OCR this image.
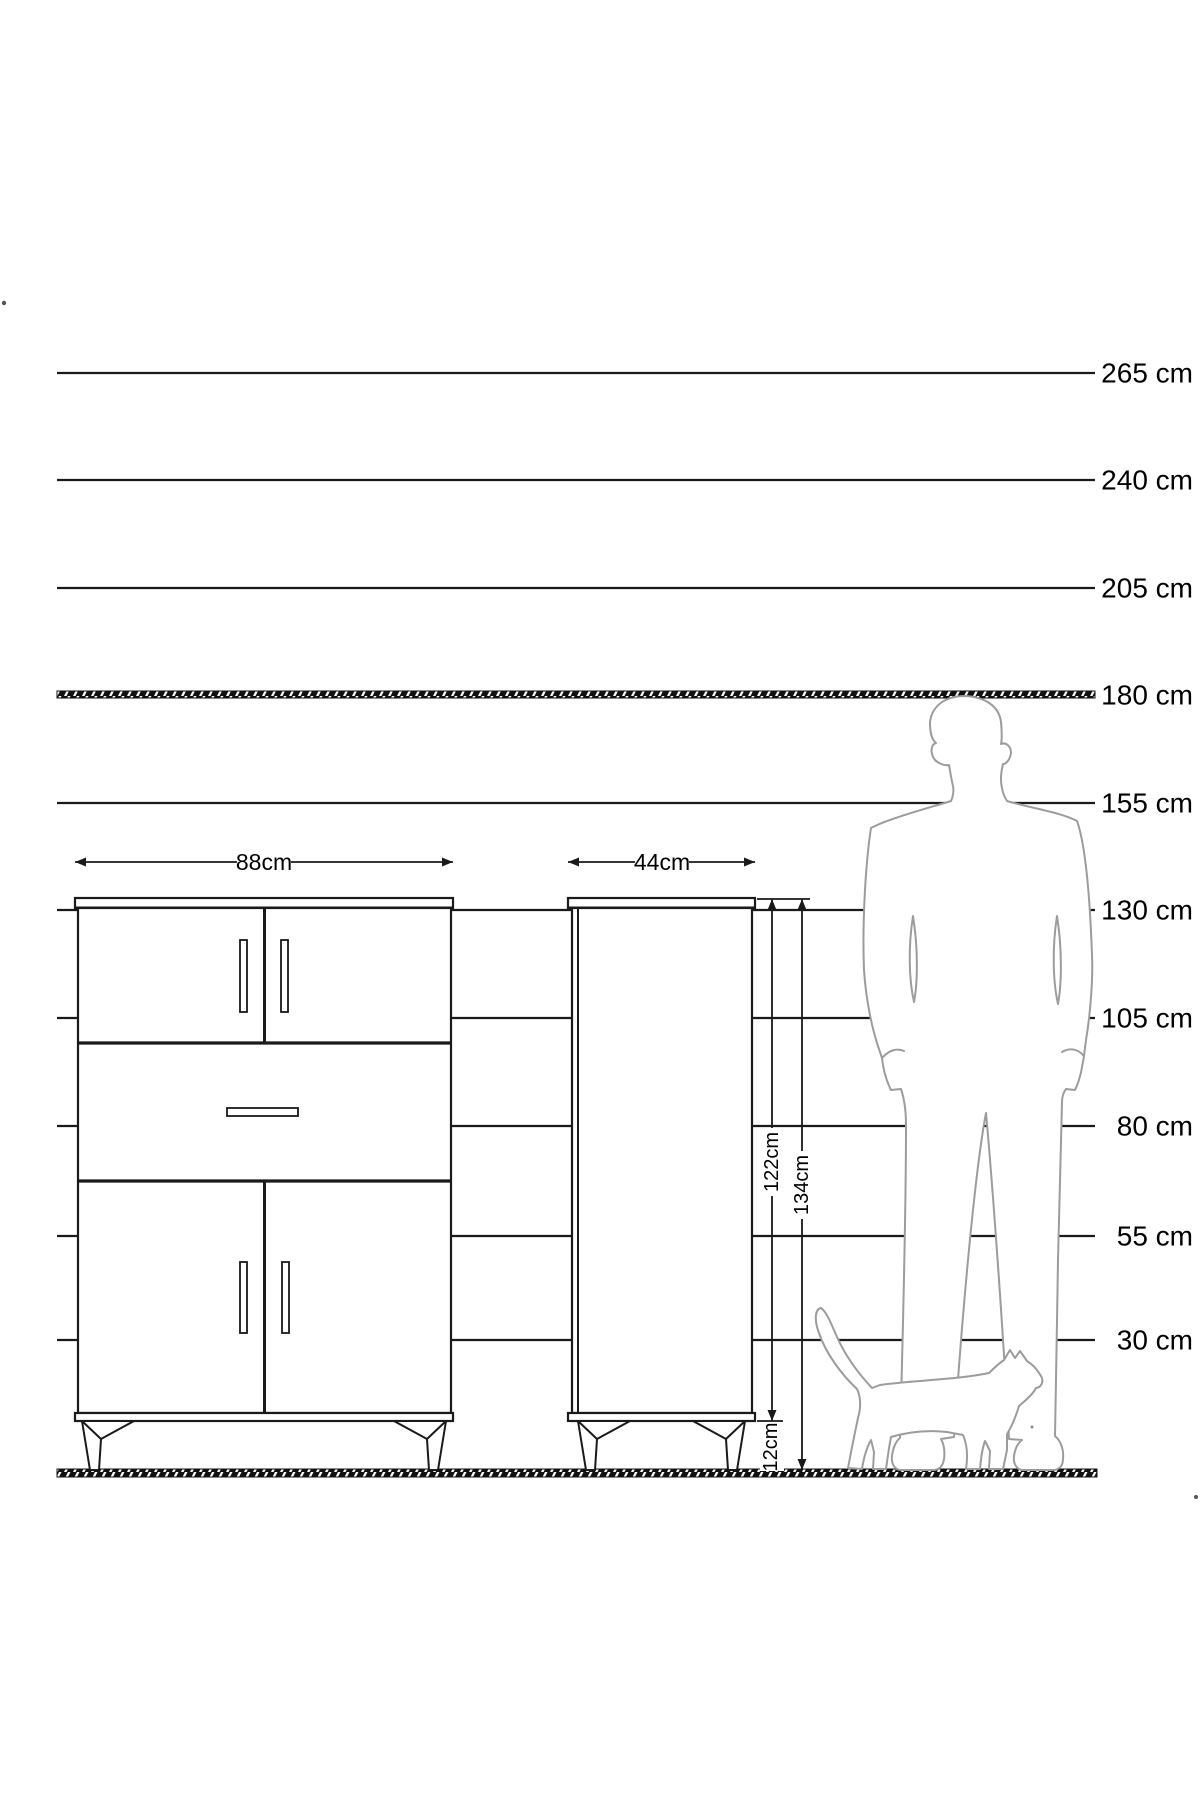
88cm	44cm
122cm 134cm
12cm
265 cm
240 cm
205 cm
180 cm
155 cm
130 cm
105 cm
80 cm
55 cm
30 cm
